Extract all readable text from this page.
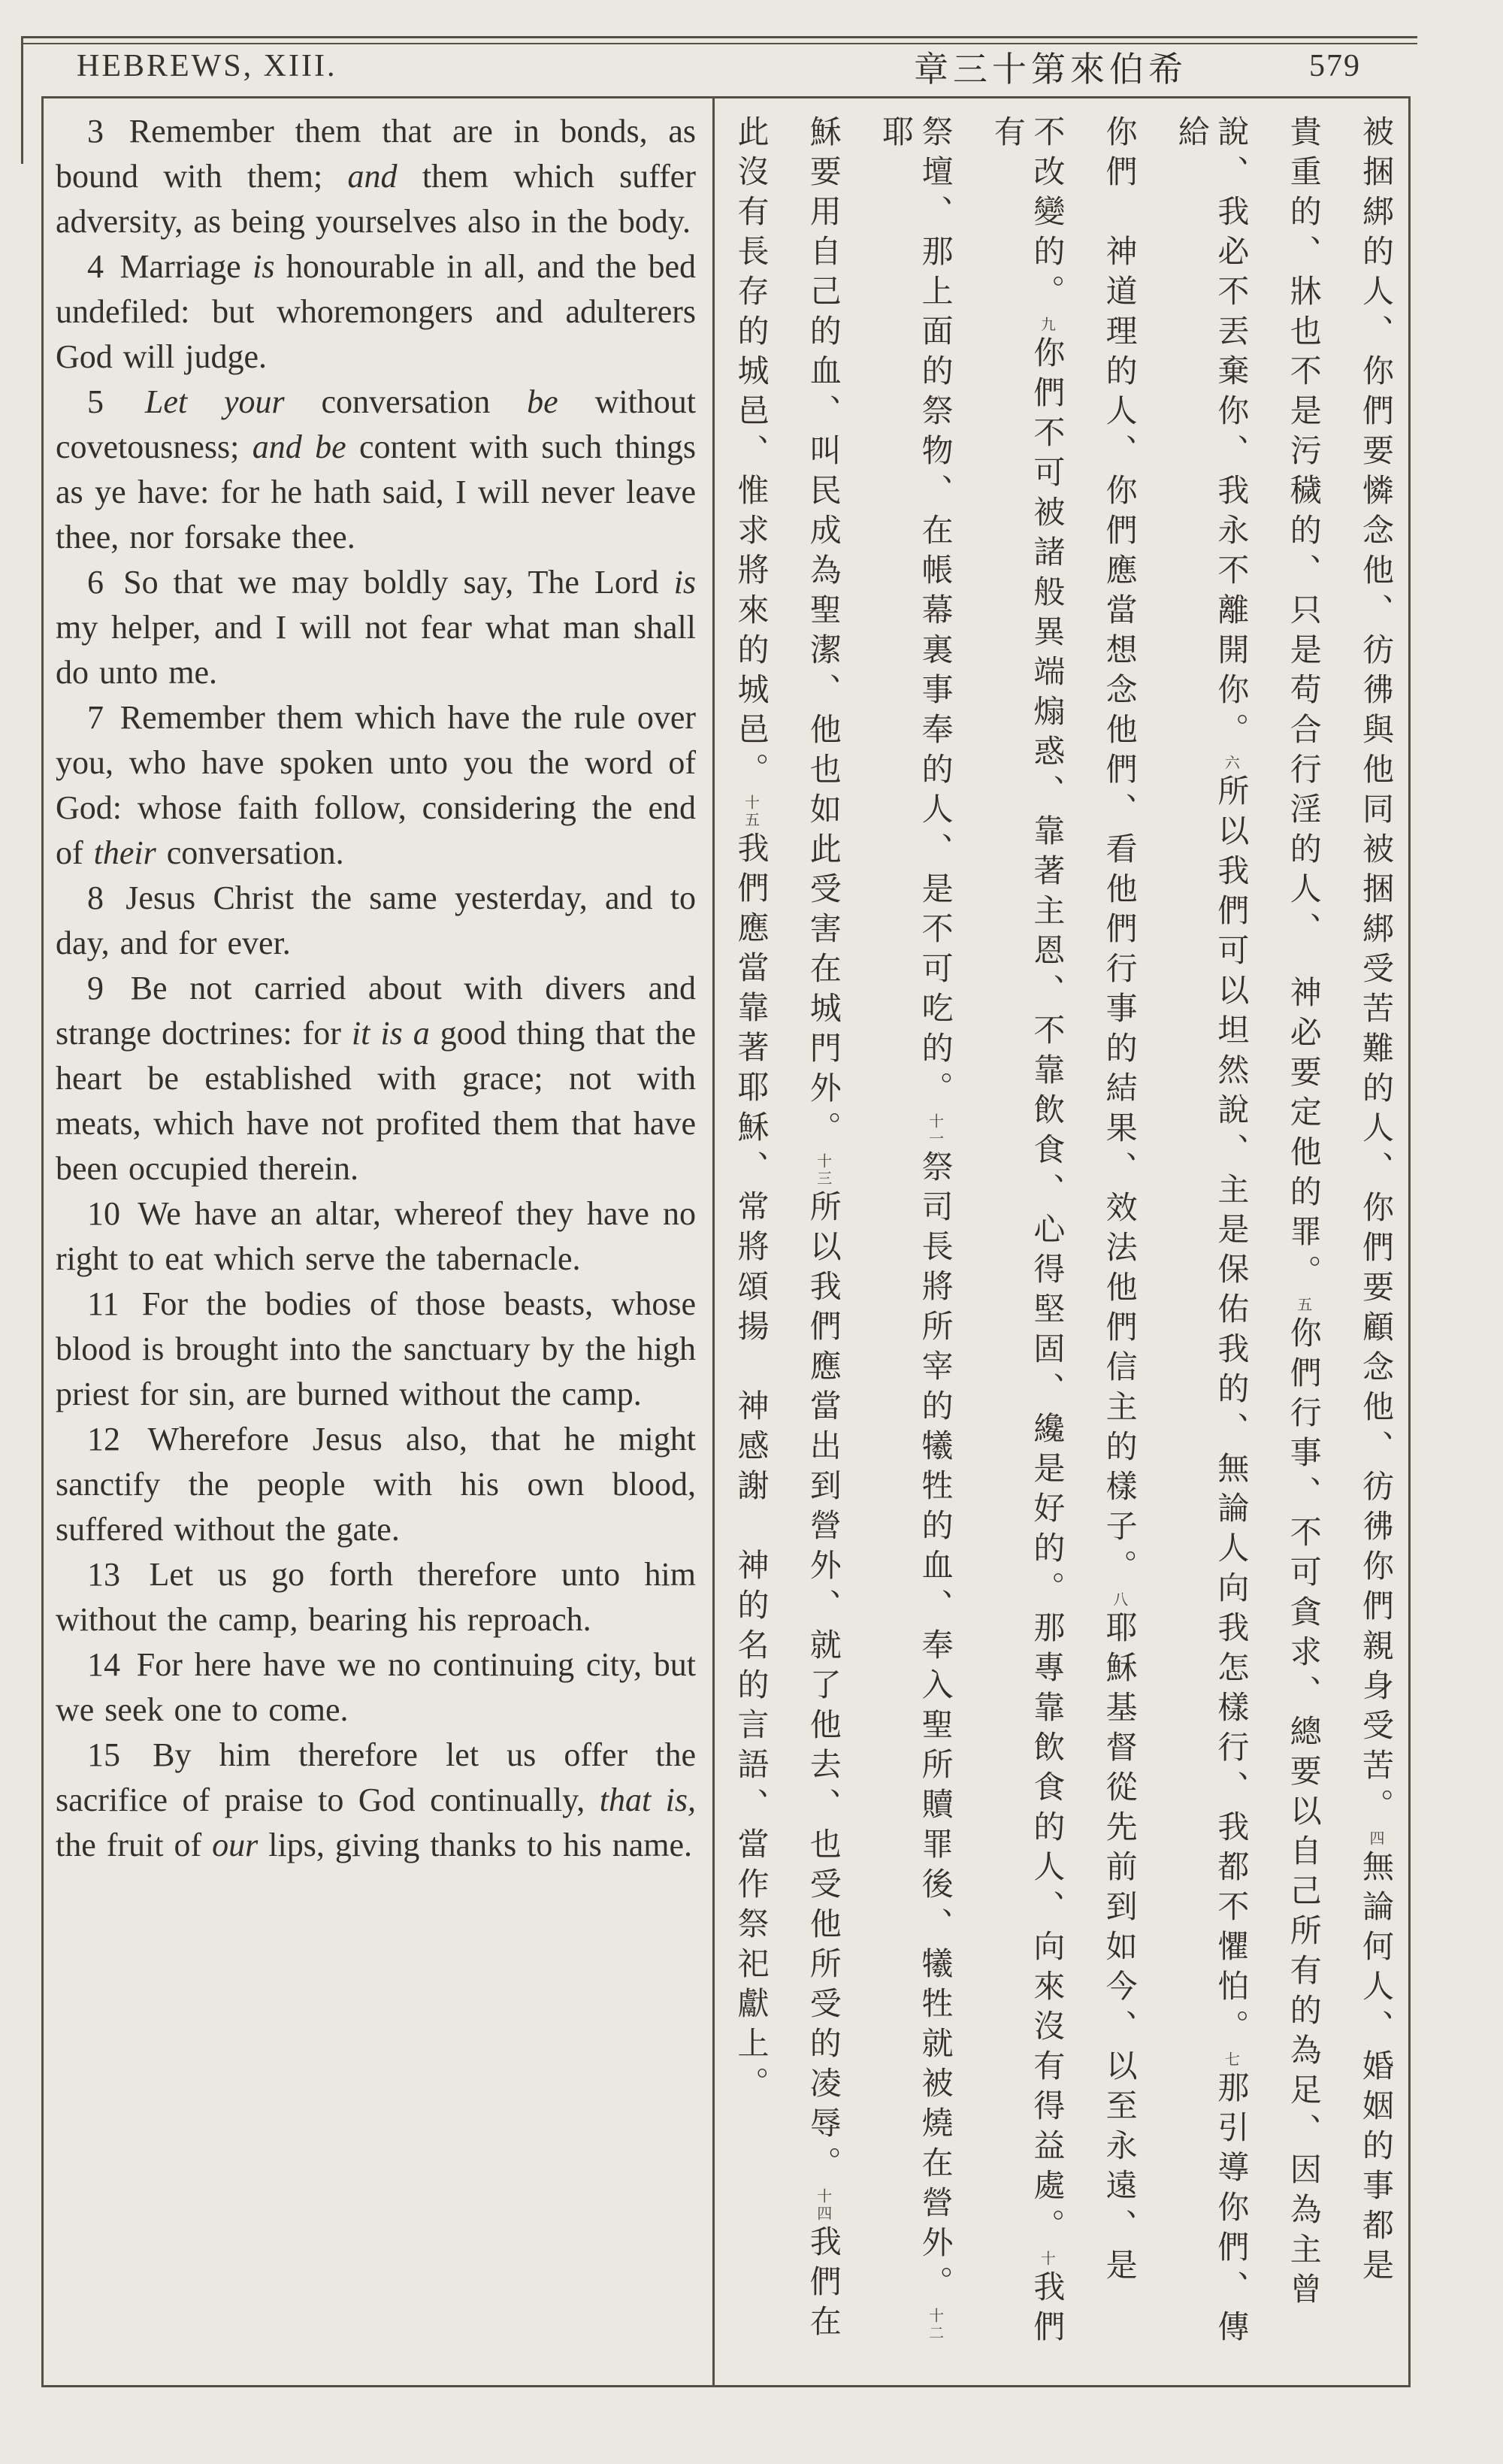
HEBREWS, XIII.	章三十第來伯希	579

3 Remember them that are in bonds, as bound with them; and them which suffer adversity, as being yourselves also in the body.

4 Marriage is honourable in all, and the bed undefiled: but whoremongers and adulterers God will judge.

5 Let your conversation be without covetousness; and be content with such things as ye have: for he hath said, I will never leave thee, nor forsake thee.

6 So that we may boldly say, The Lord is my helper, and I will not fear what man shall do unto me.

7 Remember them which have the rule over you, who have spoken unto you the word of God: whose faith follow, considering the end of their conversation.

8 Jesus Christ the same yesterday, and to day, and for ever.

9 Be not carried about with divers and strange doctrines: for it is a good thing that the heart be established with grace; not with meats, which have not profited them that have been occupied therein.

10 We have an altar, whereof they have no right to eat which serve the tabernacle.

11 For the bodies of those beasts, whose blood is brought into the sanctuary by the high priest for sin, are burned without the camp.

12 Wherefore Jesus also, that he might sanctify the people with his own blood, suffered without the gate.

13 Let us go forth therefore unto him without the camp, bearing his reproach.

14 For here have we no continuing city, but we seek one to come.

15 By him therefore let us offer the sacrifice of praise to God continually, that is, the fruit of our lips, giving thanks to his name.

被捆綁的人、你們要憐念他、彷彿與他同被捆綁受苦難的人、你們要顧念他、彷彿你們親身受苦。四無論何人、婚姻的事都是
貴重的、牀也不是污穢的、只是苟合行淫的人、　神必要定他的罪。五你們行事、不可貪求、總要以自己所有的為足、因為主曾
說、我必不丟棄你、我永不離開你。六所以我們可以坦然說、主是保佑我的、無論人向我怎樣行、我都不懼怕。七那引導你們、傳給
你們　神道理的人、你們應當想念他們、看他們行事的結果、效法他們信主的樣子。八耶穌基督從先前到如今、以至永遠、是
不改變的。九你們不可被諸般異端煽惑、靠著主恩、不靠飲食、心得堅固、纔是好的。那專靠飲食的人、向來沒有得益處。十我們有
祭壇、那上面的祭物、在帳幕裏事奉的人、是不可吃的。十一祭司長將所宰的犧牲的血、奉入聖所贖罪後、犧牲就被燒在營外。十二耶
穌要用自己的血、叫民成為聖潔、他也如此受害在城門外。十三所以我們應當出到營外、就了他去、也受他所受的凌辱。十四我們在
此沒有長存的城邑、惟求將來的城邑。十五我們應當靠著耶穌、常將頌揚　神感謝　神的名的言語、當作祭祀獻上。
